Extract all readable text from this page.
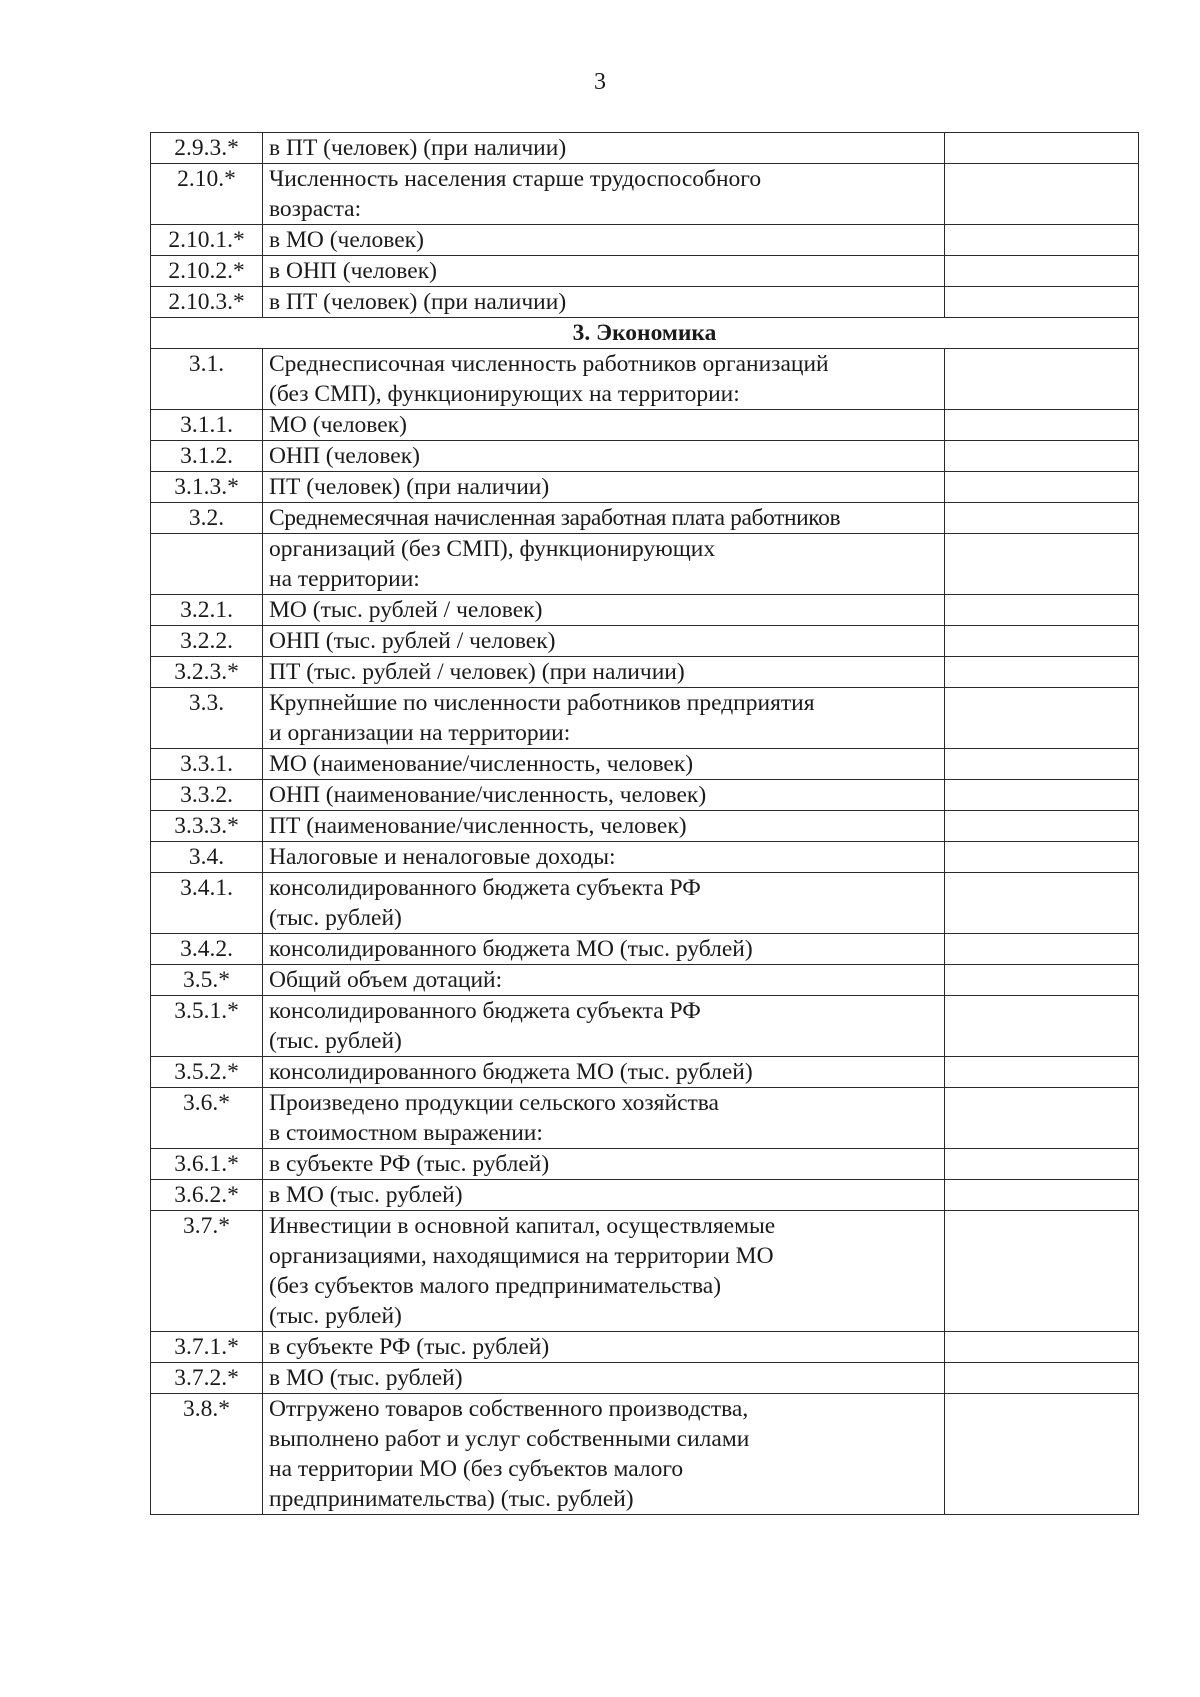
3
2.9.3.*	в ПТ (человек) (при наличии)	

2.10.*	Численность населения старше трудоспособного
возраста:	

2.10.1.*	в МО (человек)	

2.10.2.*	в ОНП (человек)	

2.10.3.*	в ПТ (человек) (при наличии)	

3. Экономика		
3.1.	Среднесписочная численность работников организаций
(без СМП), функционирующих на территории:	

3.1.1.	МО (человек)	

3.1.2.	ОНП (человек)	

3.1.3.*	ПТ (человек) (при наличии)	

3.2.	Среднемесячная начисленная заработная плата работников	

	организаций (без СМП), функционирующих
на территории:	

3.2.1.	МО (тыс. рублей / человек)	

3.2.2.	ОНП (тыс. рублей / человек)	

3.2.3.*	ПТ (тыс. рублей / человек) (при наличии)	

3.3.	Крупнейшие по численности работников предприятия
и организации на территории:	

3.3.1.	МО (наименование/численность, человек)	

3.3.2.	ОНП (наименование/численность, человек)	

3.3.3.*	ПТ (наименование/численность, человек)	

3.4.	Налоговые и неналоговые доходы:	

3.4.1.	консолидированного бюджета субъекта РФ
(тыс. рублей)	

3.4.2.	консолидированного бюджета МО (тыс. рублей)	

3.5.*	Общий объем дотаций:	

3.5.1.*	консолидированного бюджета субъекта РФ
(тыс. рублей)	

3.5.2.*	консолидированного бюджета МО (тыс. рублей)	

3.6.*	Произведено продукции сельского хозяйства
в стоимостном выражении:	

3.6.1.*	в субъекте РФ (тыс. рублей)	

3.6.2.*	в МО (тыс. рублей)	

3.7.*	Инвестиции в основной капитал, осуществляемые
организациями, находящимися на территории МО
(без субъектов малого предпринимательства)
(тыс. рублей)	

3.7.1.*	в субъекте РФ (тыс. рублей)	

3.7.2.*	в МО (тыс. рублей)	

3.8.*	Отгружено товаров собственного производства,
выполнено работ и услуг собственными силами
на территории МО (без субъектов малого
предпринимательства) (тыс. рублей)	
